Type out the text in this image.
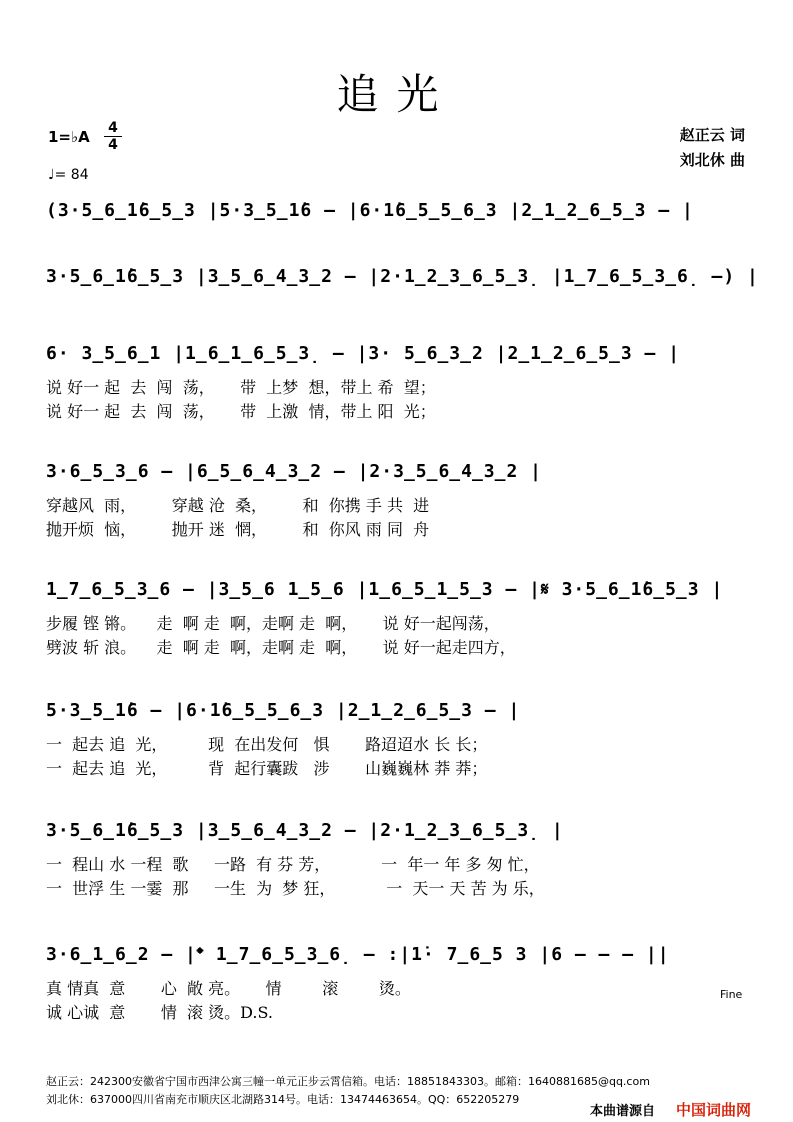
追光
1=♭A 4
4
♩= 84
赵正云 词
刘北休 曲
(3·5̲6̲1̇6̲5̲3 |5·3̲5̲1̇6 – |6·1̇6̲5̲5̲6̲3 |2̲1̲2̲6̲5̲3 – |
3·5̲6̲1̇6̲5̲3 |3̲5̲6̲4̲3̲2 – |2·1̲2̲3̲6̲5̲3̣ |1̲7̲6̲5̲3̲6̣ –) |
6· 3̲5̲6̲1 |1̲6̲1̲6̲5̲3̣ – |3· 5̲6̲3̲2 |2̲1̲2̲6̲5̲3 – |
说 好一 起  去  闯  荡，     带  上梦  想，带上 希  望；
说 好一 起  去  闯  荡，     带  上激  情，带上 阳  光；
3·6̲5̲3̲6 – |6̲5̲6̲4̲3̲2 – |2·3̲5̲6̲4̲3̲2 |
穿越风  雨，       穿越 沧  桑，       和  你携 手 共  进
抛开烦  恼，       抛开 迷  惘，       和  你风 雨 同  舟
1̲7̲6̲5̲3̲6 – |3̲5̲6 1̲5̲6 |1̲6̲5̲1̲5̲3 – |𝄋 3·5̲6̲1̇6̲5̲3 |
步履 铿 锵。    走  啊 走  啊，走啊 走  啊，     说 好一起闯荡，
劈波 斩 浪。    走  啊 走  啊，走啊 走  啊，     说 好一起走四方，
5·3̲5̲1̇6 – |6·1̇6̲5̲5̲6̲3 |2̲1̲2̲6̲5̲3 – |
一  起去 追  光，        现  在出发何   惧       路迢迢水 长 长；
一  起去 追  光，        背  起行囊跋   涉       山巍巍林 莽 莽；
3·5̲6̲1̇6̲5̲3 |3̲5̲6̲4̲3̲2 – |2·1̲2̲3̲6̲5̲3̣ |
一  程山 水 一程  歌     一路  有 芬 芳，          一  年一 年 多 匆 忙，
一  世浮 生 一霎  那     一生  为  梦 狂，          一  天一 天 苦 为 乐，
3·6̲1̲6̲2 – |𝄌 1̲7̲6̲5̲3̲6̣ – :|1̇· 7̲6̲5 3 |6 – – – ||
真 情真  意       心  敞 亮。     情        滚        烫。
诚 心诚  意       情  滚 烫。D.S.
赵正云：242300安徽省宁国市西津公寓三幢一单元正步云霄信箱。电话：18851843303。邮箱：1640881685@qq.com
刘北休：637000四川省南充市顺庆区北湖路314号。电话：13474463654。QQ：652205279
本曲谱源自 中国词曲网
Fine
